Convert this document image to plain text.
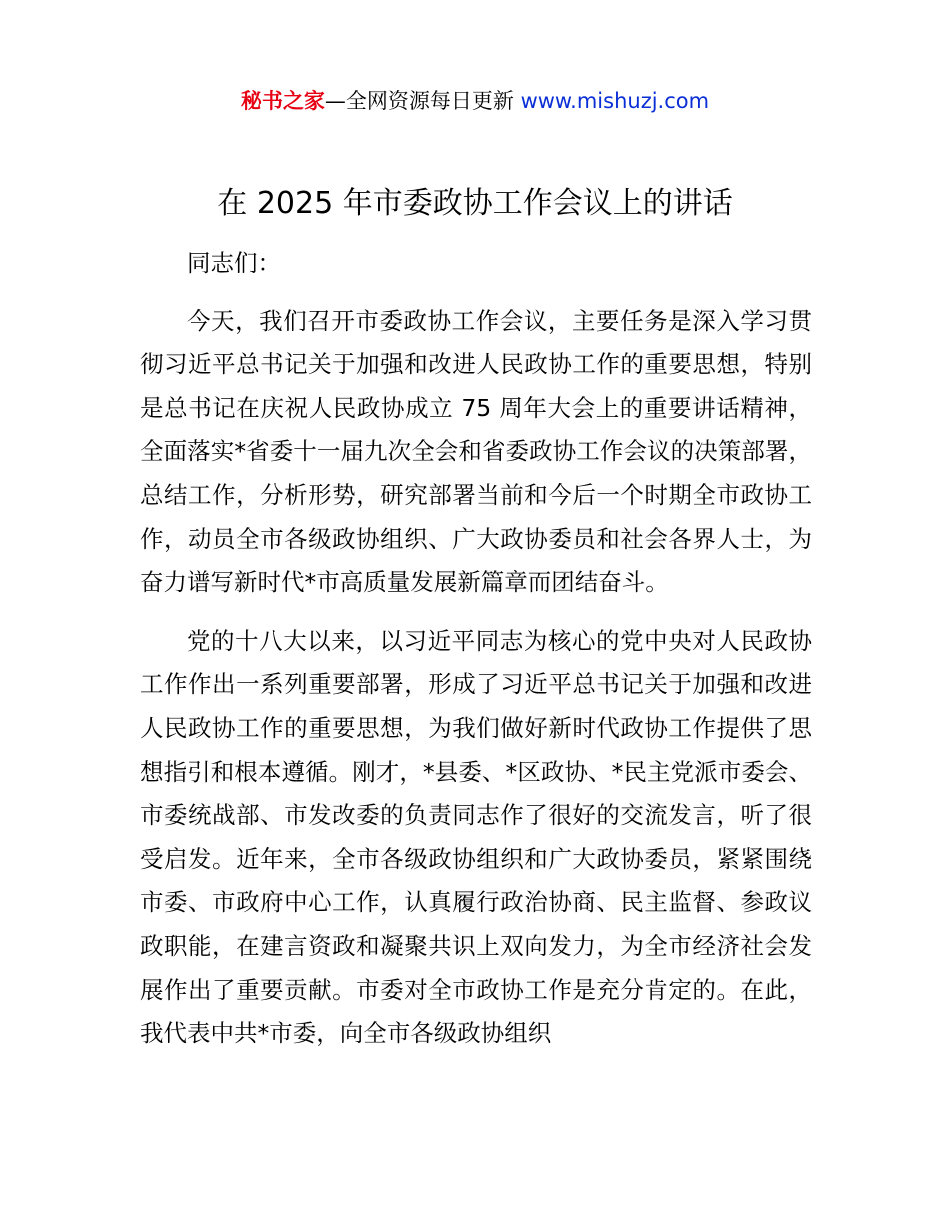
秘书之家—全网资源每日更新 www.mishuzj.com
在 2025 年市委政协工作会议上的讲话

同志们：

今天，我们召开市委政协工作会议，主要任务是深入学习贯彻习近平总书记关于加强和改进人民政协工作的重要思想，特别是总书记在庆祝人民政协成立 75 周年大会上的重要讲话精神，全面落实*省委十一届九次全会和省委政协工作会议的决策部署，总结工作，分析形势，研究部署当前和今后一个时期全市政协工作，动员全市各级政协组织、广大政协委员和社会各界人士，为奋力谱写新时代*市高质量发展新篇章而团结奋斗。

党的十八大以来，以习近平同志为核心的党中央对人民政协工作作出一系列重要部署，形成了习近平总书记关于加强和改进人民政协工作的重要思想，为我们做好新时代政协工作提供了思想指引和根本遵循。刚才，*县委、*区政协、*民主党派市委会、市委统战部、市发改委的负责同志作了很好的交流发言，听了很受启发。近年来，全市各级政协组织和广大政协委员，紧紧围绕市委、市政府中心工作，认真履行政治协商、民主监督、参政议政职能，在建言资政和凝聚共识上双向发力，为全市经济社会发展作出了重要贡献。市委对全市政协工作是充分肯定的。在此，我代表中共*市委，向全市各级政协组织
